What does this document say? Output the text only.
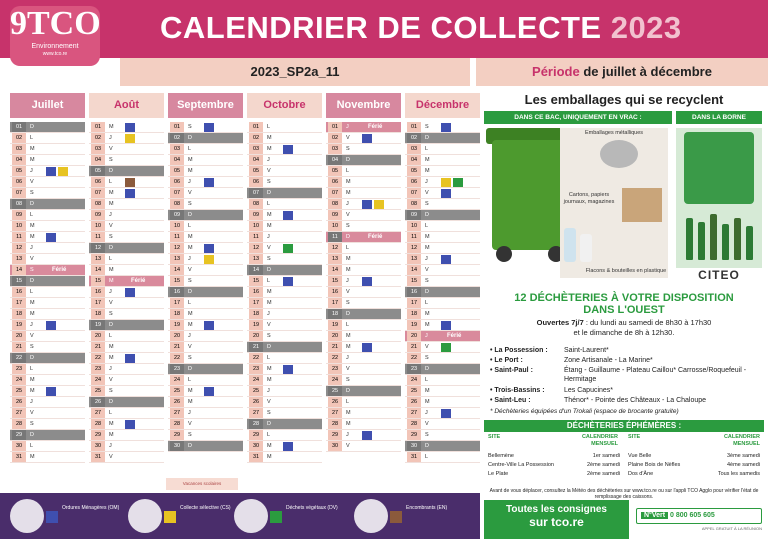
9TCO
Environnement
www.tco.re
CALENDRIER DE COLLECTE 2023
2023_SP2a_11	Période de juillet à décembre
Juillet
01	D
02	L
03	M
04	M
05	J
06	V
07	S
08	D
09	L
10	M
11	M
12	J
13	V
14	S	Férié
15	D
16	L
17	M
18	M
19	J
20	V
21	S
22	D
23	L
24	M
25	M
26	J
27	V
28	S
29	D
30	L
31	M
Août
01	M
02	J
03	V
04	S
05	D
06	L
07	M
08	M
09	J
10	V
11	S
12	D
13	L
14	M
15	M	Férié
16	J
17	V
18	S
19	D
20	L
21	M
22	M
23	J
24	V
25	S
26	D
27	L
28	M
29	M
30	J
31	V
Septembre
01	S
02	D
03	L
04	M
05	M
06	J
07	V
08	S
09	D
10	L
11	M
12	M
13	J
14	V
15	S
16	D
17	L
18	M
19	M
20	J
21	V
22	S
23	D
24	L
25	M
26	M
27	J
28	V
29	S
30	D
Octobre
01	L
02	M
03	M
04	J
05	V
06	S
07	D
08	L
09	M
10	M
11	J
12	V
13	S
14	D
15	L
16	M
17	M
18	J
19	V
20	S
21	D
22	L
23	M
24	M
25	J
26	V
27	S
28	D
29	L
30	M
31	M
Novembre
01	J	Férié
02	V
03	S
04	D
05	L
06	M
07	M
08	J
09	V
10	S
11	D	Férié
12	L
13	M
14	M
15	J
16	V
17	S
18	D
19	L
20	M
21	M
22	J
23	V
24	S
25	D
26	L
27	M
28	M
29	J
30	V
Décembre
01	S
02	D
03	L
04	M
05	M
06	J
07	V
08	S
09	D
10	L
11	M
12	M
13	J
14	V
15	S
16	D
17	L
18	M
19	M
20	J	Férié
21	V
22	S
23	D
24	L
25	M
26	M
27	J
28	V
29	S
30	D
31	L
Vacances scolaires
Ordures Ménagères (OM)	Collecte sélective (CS)	Déchets végétaux (DV)	Encombrants (EN)
Les emballages qui se recyclent
DANS CE BAC, UNIQUEMENT EN VRAC :	DANS LA BORNE
Emballages métalliques
Cartons, papiers journaux, magazines
Flacons & bouteilles en plastique	CITEO
12 DÉCHÈTERIES À VOTRE DISPOSITION
DANS L'OUEST
Ouvertes 7j/7 : du lundi au samedi de 8h30 à 17h30
et le dimanche de 8h à 12h30.
• La Possession :	Saint-Laurent*
• Le Port :	Zone Artisanale - La Marine*
• Saint-Paul :	Étang - Guillaume - Plateau Caillou* Carrosse/Roquefeuil - Hermitage
• Trois-Bassins :	Les Capucines*
• Saint-Leu :	Thénor* - Pointe des Châteaux - La Chaloupe
* Déchèteries équipées d'un Trokali (espace de brocante gratuite)
DÉCHÈTERIES ÉPHÉMÈRES :
SITE	CALENDRIER MENSUEL
SITE	CALENDRIER MENSUEL
Bellemène	1er samedi
Centre-Ville La Possession	2ème samedi
Le Plate	2ème samedi
Vue Belle	3ème samedi
Plaine Bois de Nèfles	4ème samedi
Dos d'Âne	Tous les samedis
Avant de vous déplacer, consultez la Météo des déchèteries sur www.tco.re ou sur l'appli TCO Agglo pour vérifier l'état de remplissage des caissons.
Toutes les consignes
sur tco.re	N°Vert 0 800 605 605
APPEL GRATUIT À LA RÉUNION
